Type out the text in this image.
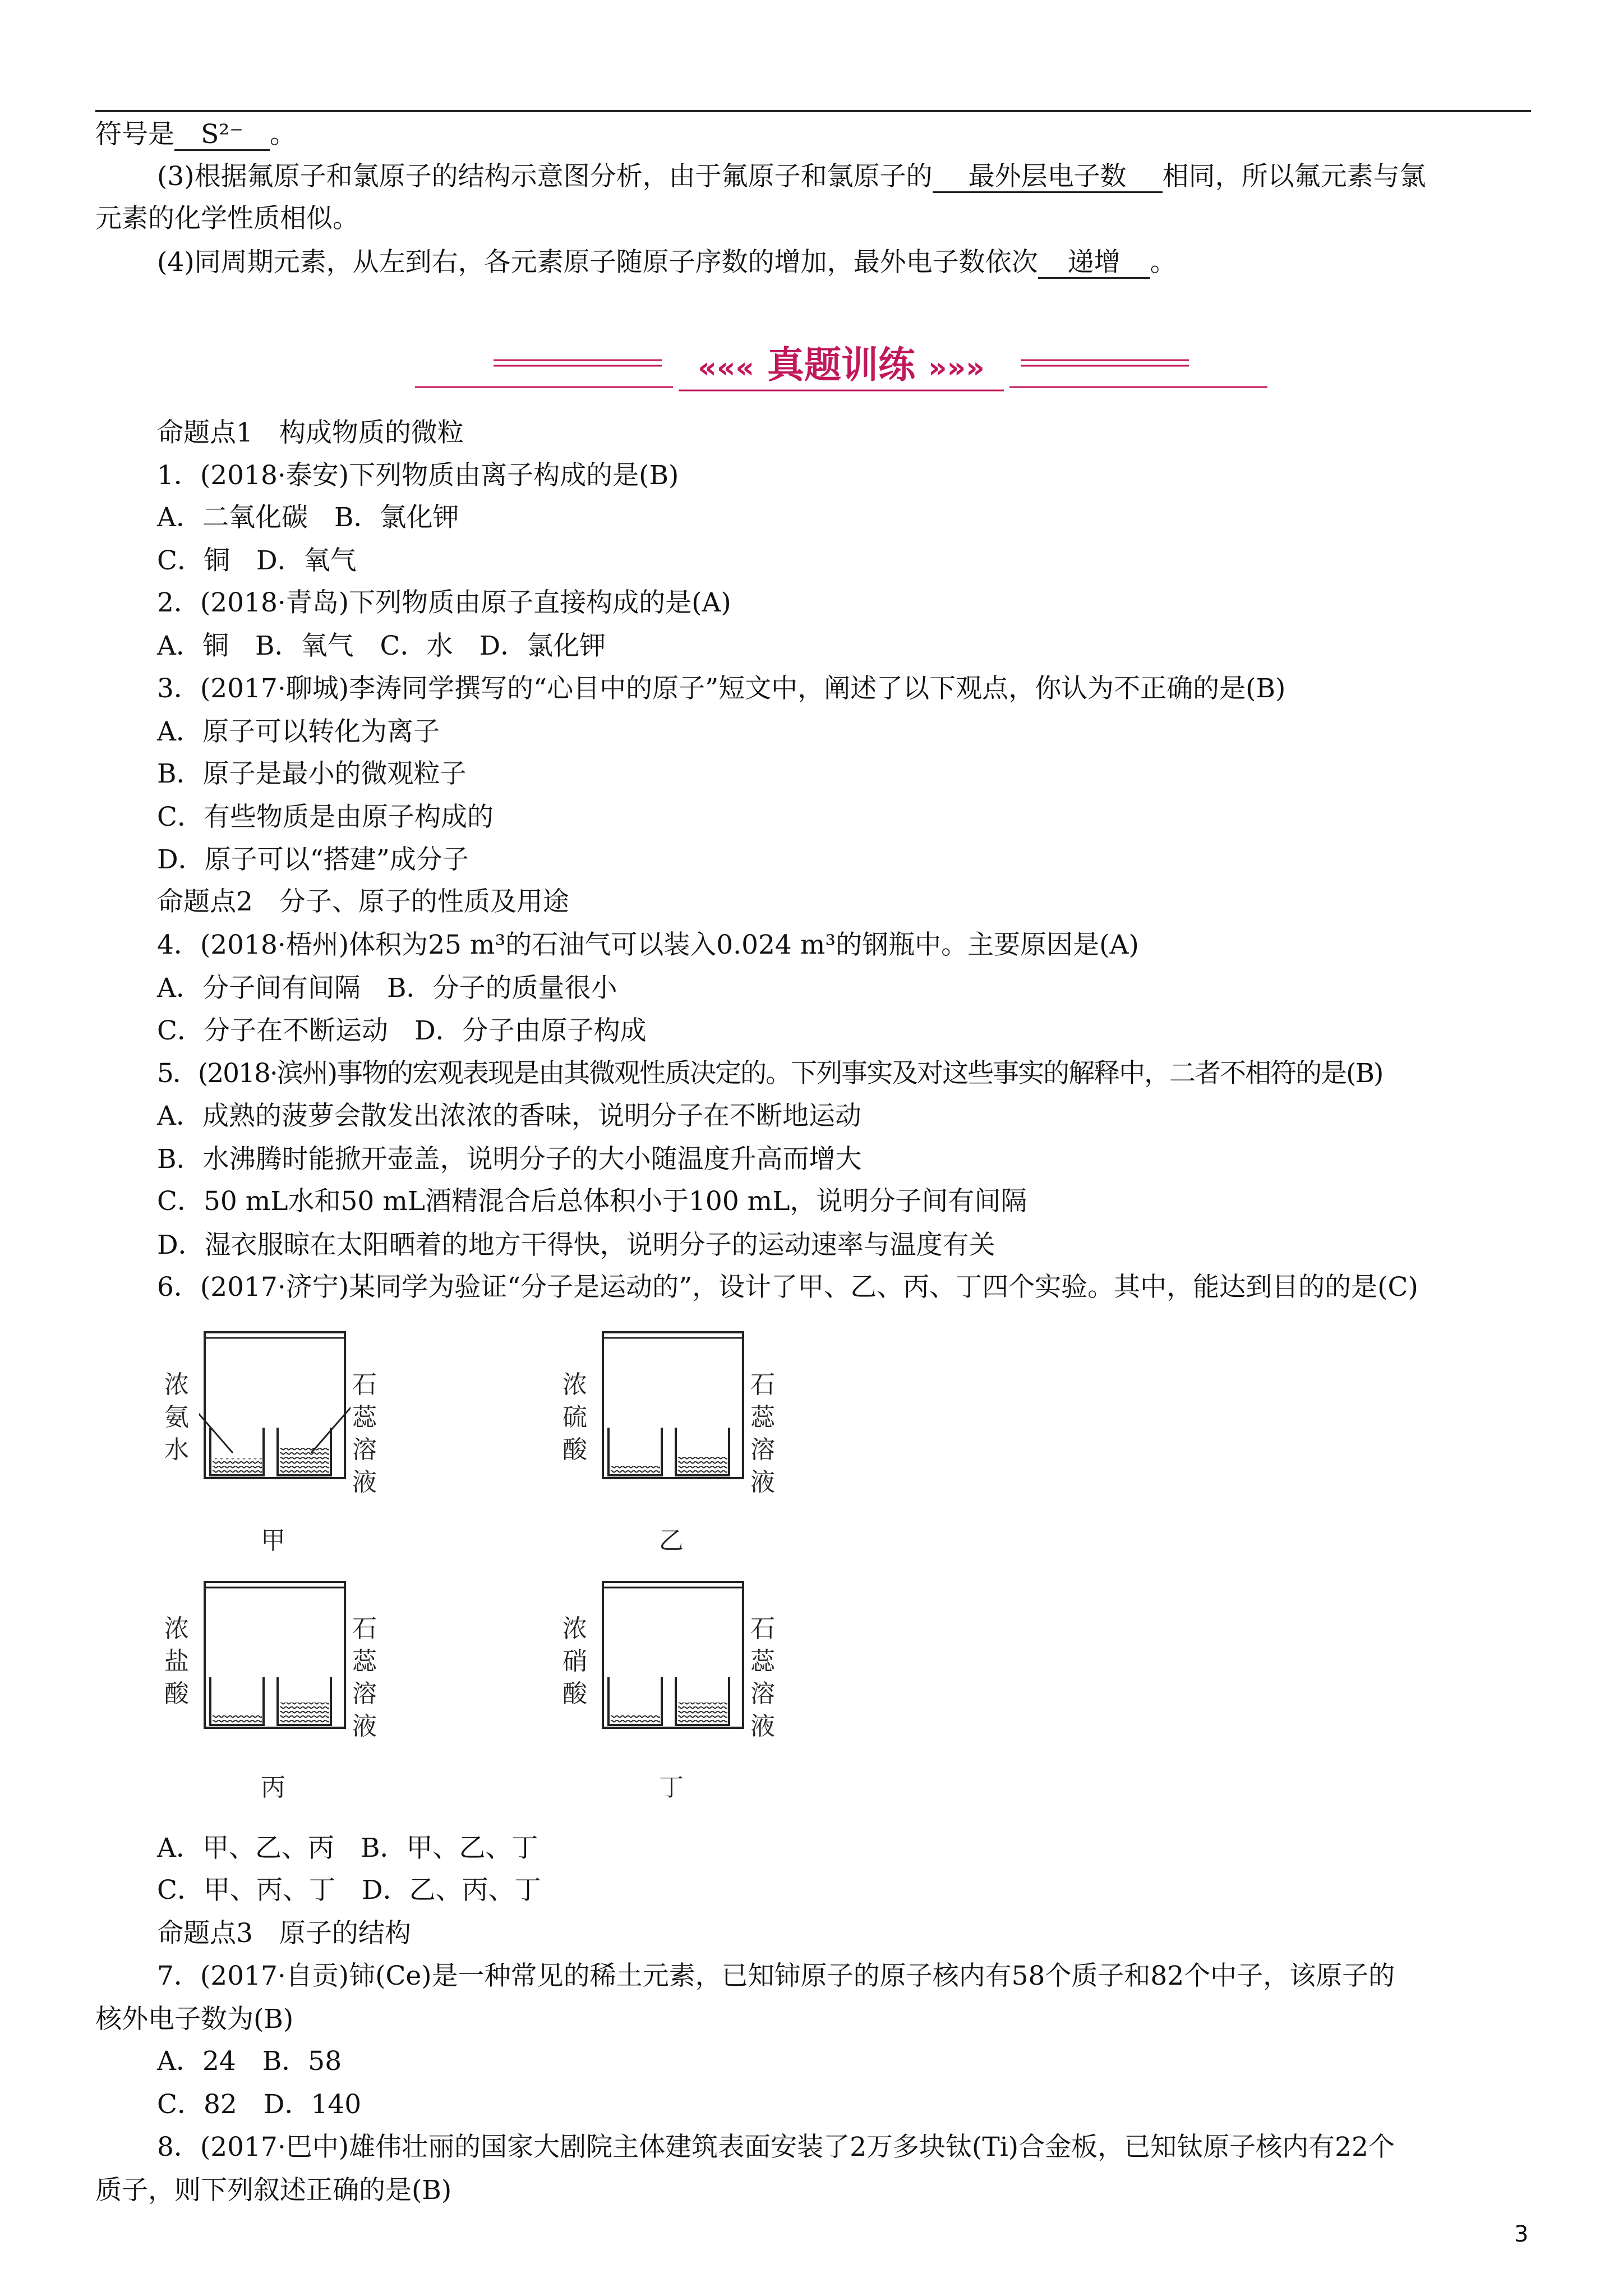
符号是 S²⁻ 。
(3)根据氟原子和氯原子的结构示意图分析，由于氟原子和氯原子的 最外层电子数 相同，所以氟元素与氯
元素的化学性质相似。
(4)同周期元素，从左到右，各元素原子随原子序数的增加，最外电子数依次 递增 。
««« 真题训练 »»»
命题点1　构成物质的微粒
1．(2018·泰安)下列物质由离子构成的是(B)
A．二氧化碳　B．氯化钾
C．铜　D．氧气
2．(2018·青岛)下列物质由原子直接构成的是(A)
A．铜　B．氧气　C．水　D．氯化钾
3．(2017·聊城)李涛同学撰写的“心目中的原子”短文中，阐述了以下观点，你认为不正确的是(B)
A．原子可以转化为离子
B．原子是最小的微观粒子
C．有些物质是由原子构成的
D．原子可以“搭建”成分子
命题点2　分子、原子的性质及用途
4．(2018·梧州)体积为25 m³的石油气可以装入0.024 m³的钢瓶中。主要原因是(A)
A．分子间有间隔　B．分子的质量很小
C．分子在不断运动　D．分子由原子构成
5．(2018·滨州)事物的宏观表现是由其微观性质决定的。下列事实及对这些事实的解释中，二者不相符的是(B)
A．成熟的菠萝会散发出浓浓的香味，说明分子在不断地运动
B．水沸腾时能掀开壶盖，说明分子的大小随温度升高而增大
C．50 mL水和50 mL酒精混合后总体积小于100 mL，说明分子间有间隔
D．湿衣服晾在太阳晒着的地方干得快，说明分子的运动速率与温度有关
6．(2017·济宁)某同学为验证“分子是运动的”，设计了甲、乙、丙、丁四个实验。其中，能达到目的的是(C)
浓
氨
水
石
蕊
溶
液
甲
浓
硫
酸
石
蕊
溶
液
乙
浓
盐
酸
石
蕊
溶
液
丙
浓
硝
酸
石
蕊
溶
液
丁
A．甲、乙、丙　B．甲、乙、丁
C．甲、丙、丁　D．乙、丙、丁
命题点3　原子的结构
7．(2017·自贡)铈(Ce)是一种常见的稀土元素，已知铈原子的原子核内有58个质子和82个中子，该原子的
核外电子数为(B)
A．24　B．58
C．82　D．140
8．(2017·巴中)雄伟壮丽的国家大剧院主体建筑表面安装了2万多块钛(Ti)合金板，已知钛原子核内有22个
质子，则下列叙述正确的是(B)
3
